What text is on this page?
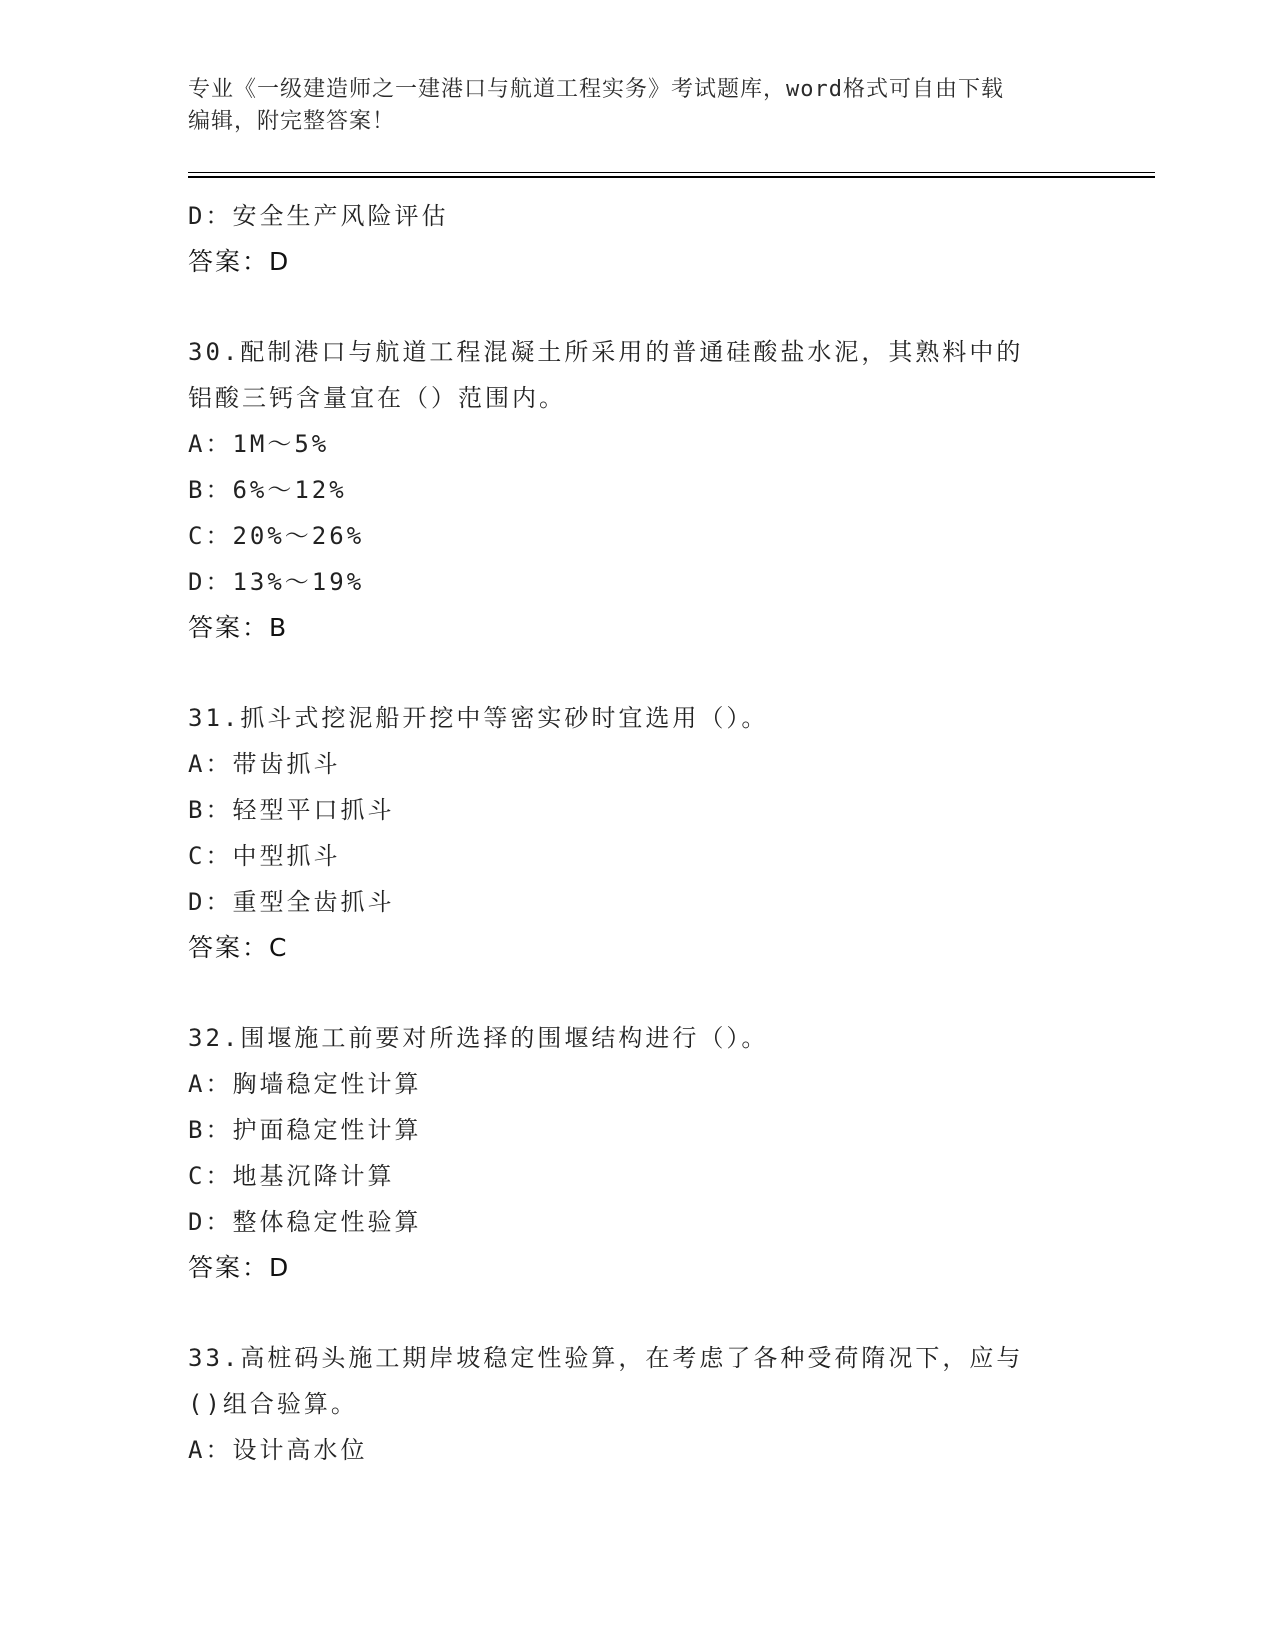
专业《一级建造师之一建港口与航道工程实务》考试题库，word格式可自由下载
编辑，附完整答案！
D：安全生产风险评估
答案：D
30.配制港口与航道工程混凝土所采用的普通硅酸盐水泥，其熟料中的
铝酸三钙含量宜在（）范围内。
A：1M～5%
B：6%～12%
C：20%～26%
D：13%～19%
答案：B
31.抓斗式挖泥船开挖中等密实砂时宜选用（）。
A：带齿抓斗
B：轻型平口抓斗
C：中型抓斗
D：重型全齿抓斗
答案：C
32.围堰施工前要对所选择的围堰结构进行（）。
A：胸墙稳定性计算
B：护面稳定性计算
C：地基沉降计算
D：整体稳定性验算
答案：D
33.高桩码头施工期岸坡稳定性验算，在考虑了各种受荷隋况下，应与
()组合验算。
A：设计高水位
